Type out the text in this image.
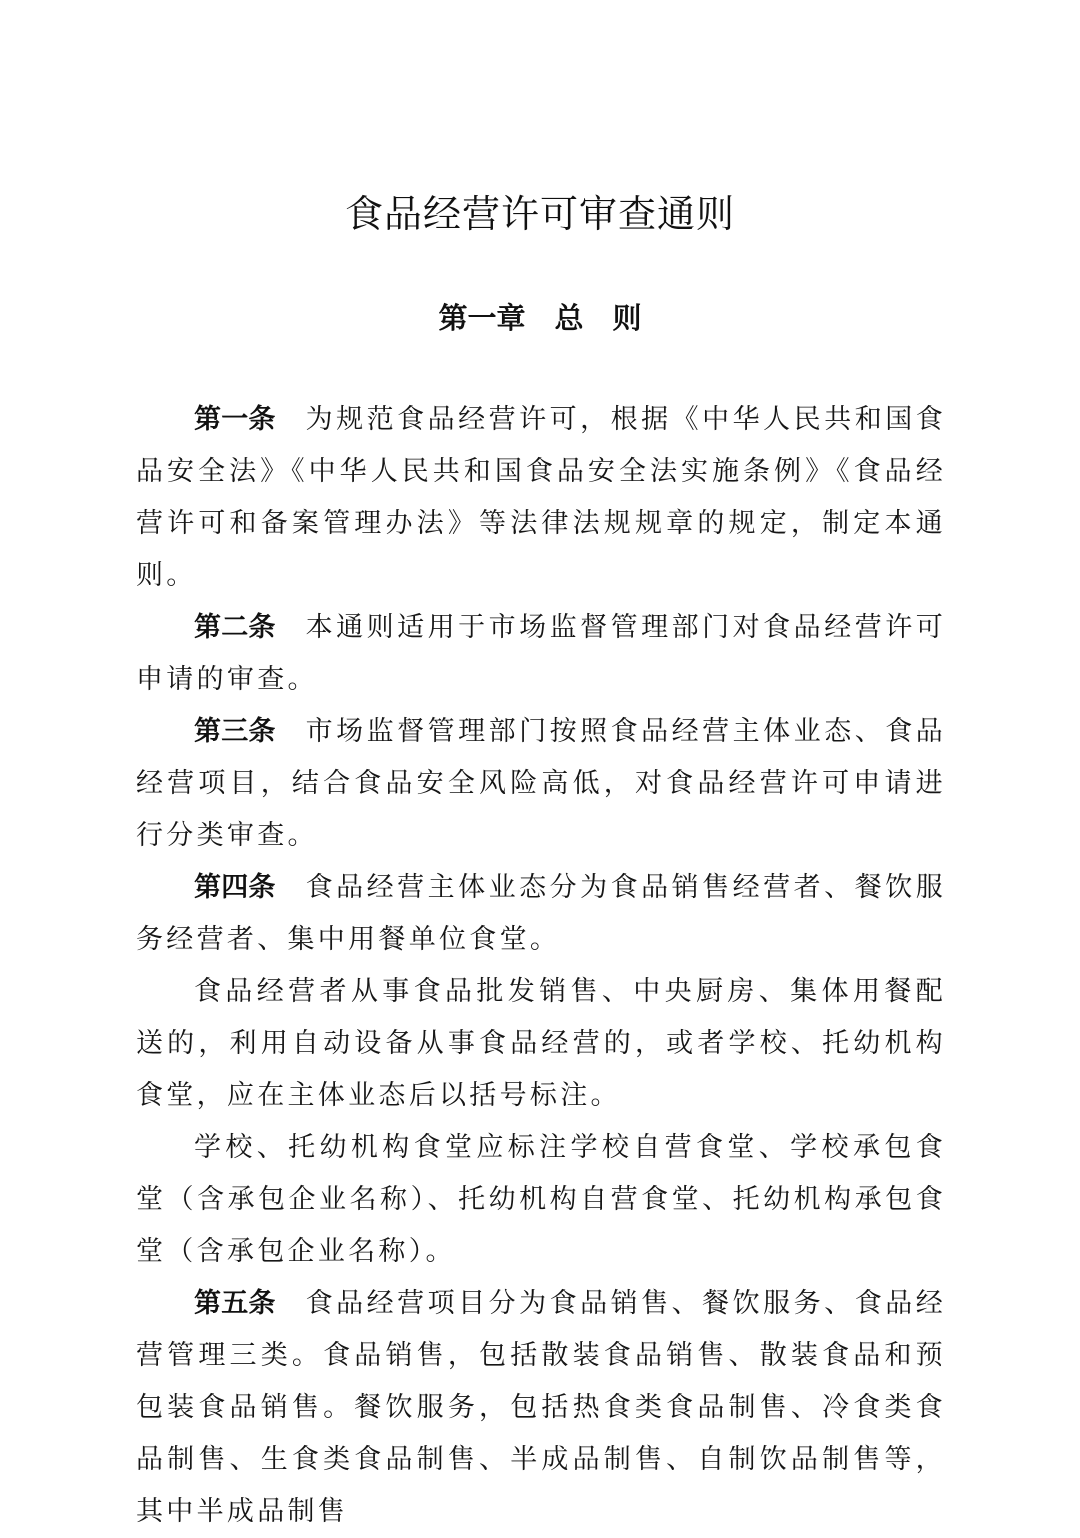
食品经营许可审查通则
第一章　总　则

第一条 为规范食品经营许可，根据《中华人民共和国食品安全法》《中华人民共和国食品安全法实施条例》《食品经营许可和备案管理办法》等法律法规规章的规定，制定本通则。

第二条 本通则适用于市场监督管理部门对食品经营许可申请的审查。

第三条 市场监督管理部门按照食品经营主体业态、食品经营项目，结合食品安全风险高低，对食品经营许可申请进行分类审查。

第四条 食品经营主体业态分为食品销售经营者、餐饮服务经营者、集中用餐单位食堂。

食品经营者从事食品批发销售、中央厨房、集体用餐配送的，利用自动设备从事食品经营的，或者学校、托幼机构食堂，应在主体业态后以括号标注。

学校、托幼机构食堂应标注学校自营食堂、学校承包食堂（含承包企业名称）、托幼机构自营食堂、托幼机构承包食堂（含承包企业名称）。

第五条 食品经营项目分为食品销售、餐饮服务、食品经营管理三类。食品销售，包括散装食品销售、散装食品和预包装食品销售。餐饮服务，包括热食类食品制售、冷食类食品制售、生食类食品制售、半成品制售、自制饮品制售等，其中半成品制售
